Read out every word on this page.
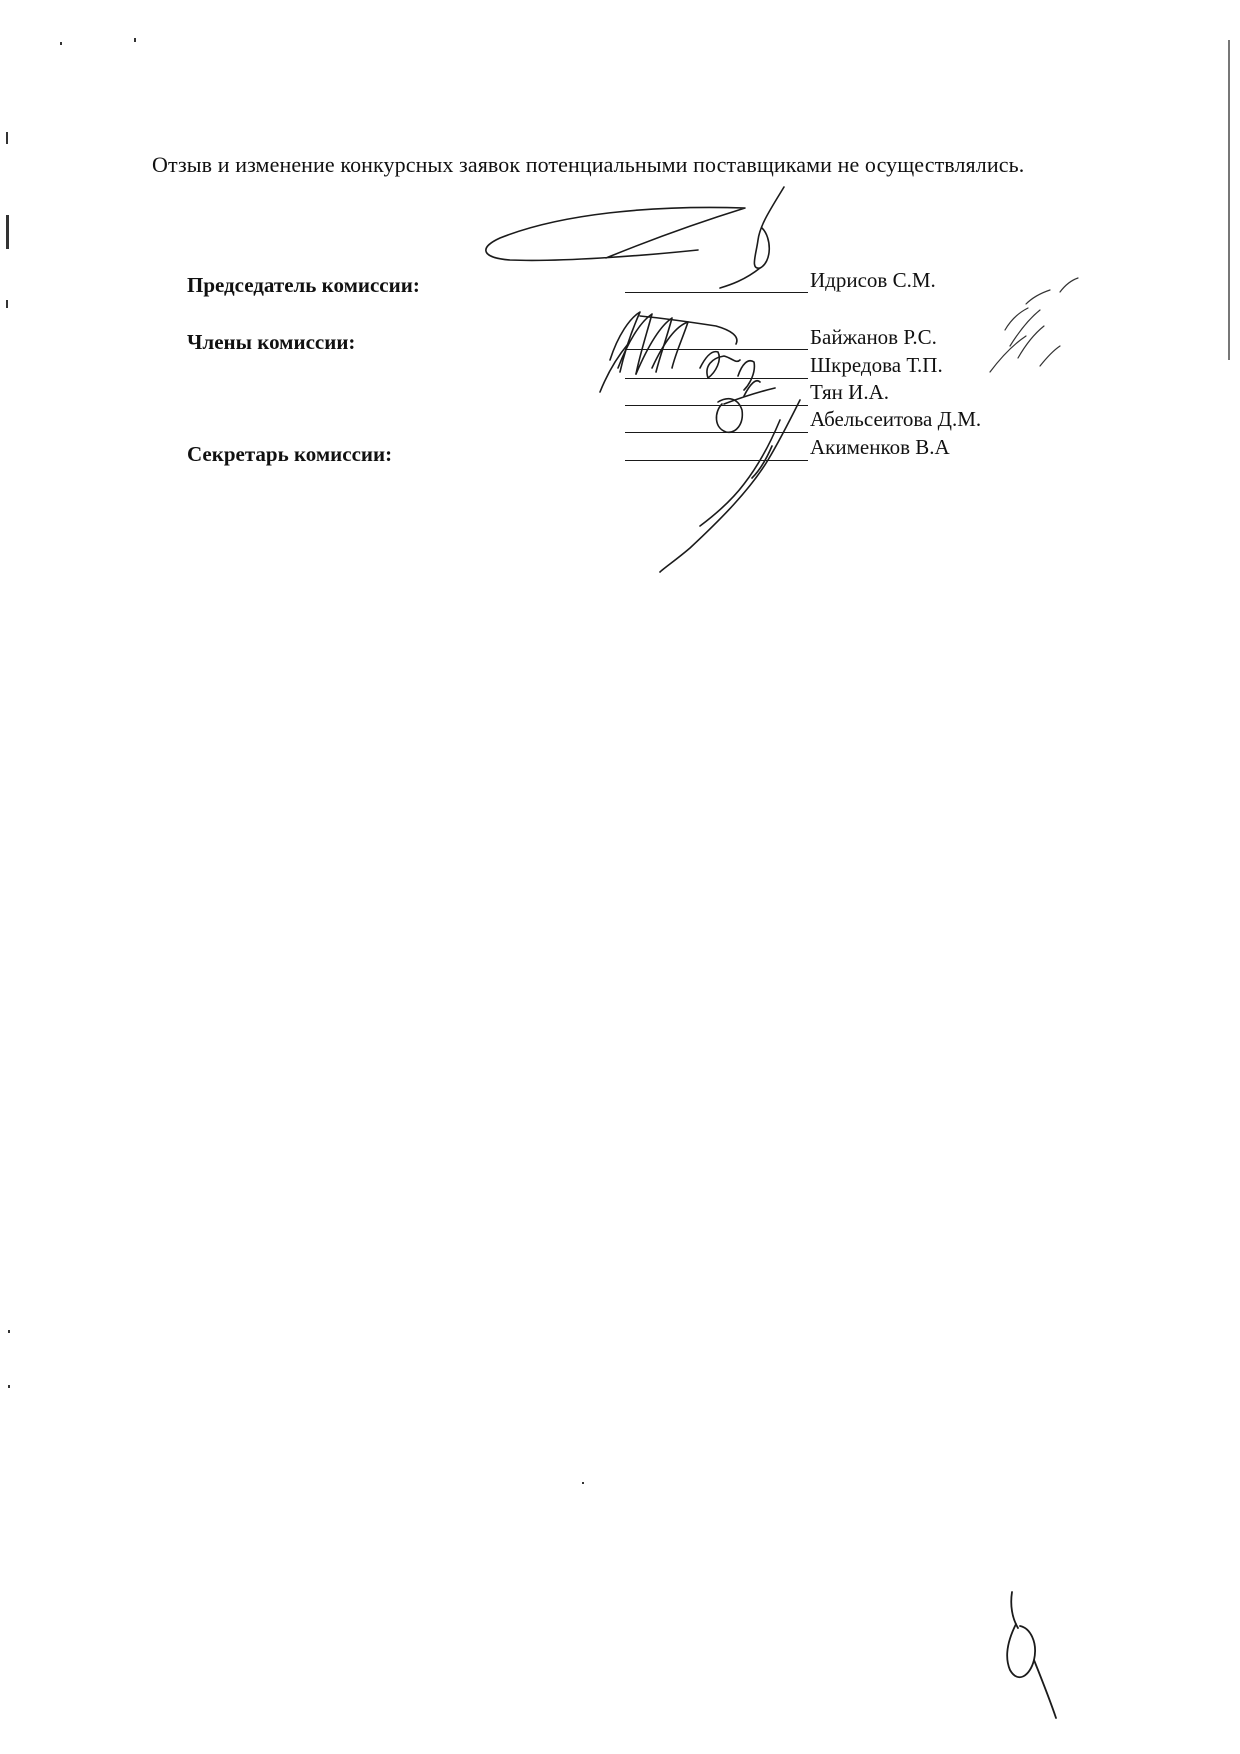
Отзыв и изменение конкурсных заявок потенциальными поставщиками не осуществлялись.
Председатель комиссии:
Члены комиссии:
Секретарь комиссии:
Идрисов С.М.
Байжанов Р.С.
Шкредова Т.П.
Тян И.А.
Абельсеитова Д.М.
Акименков В.А
